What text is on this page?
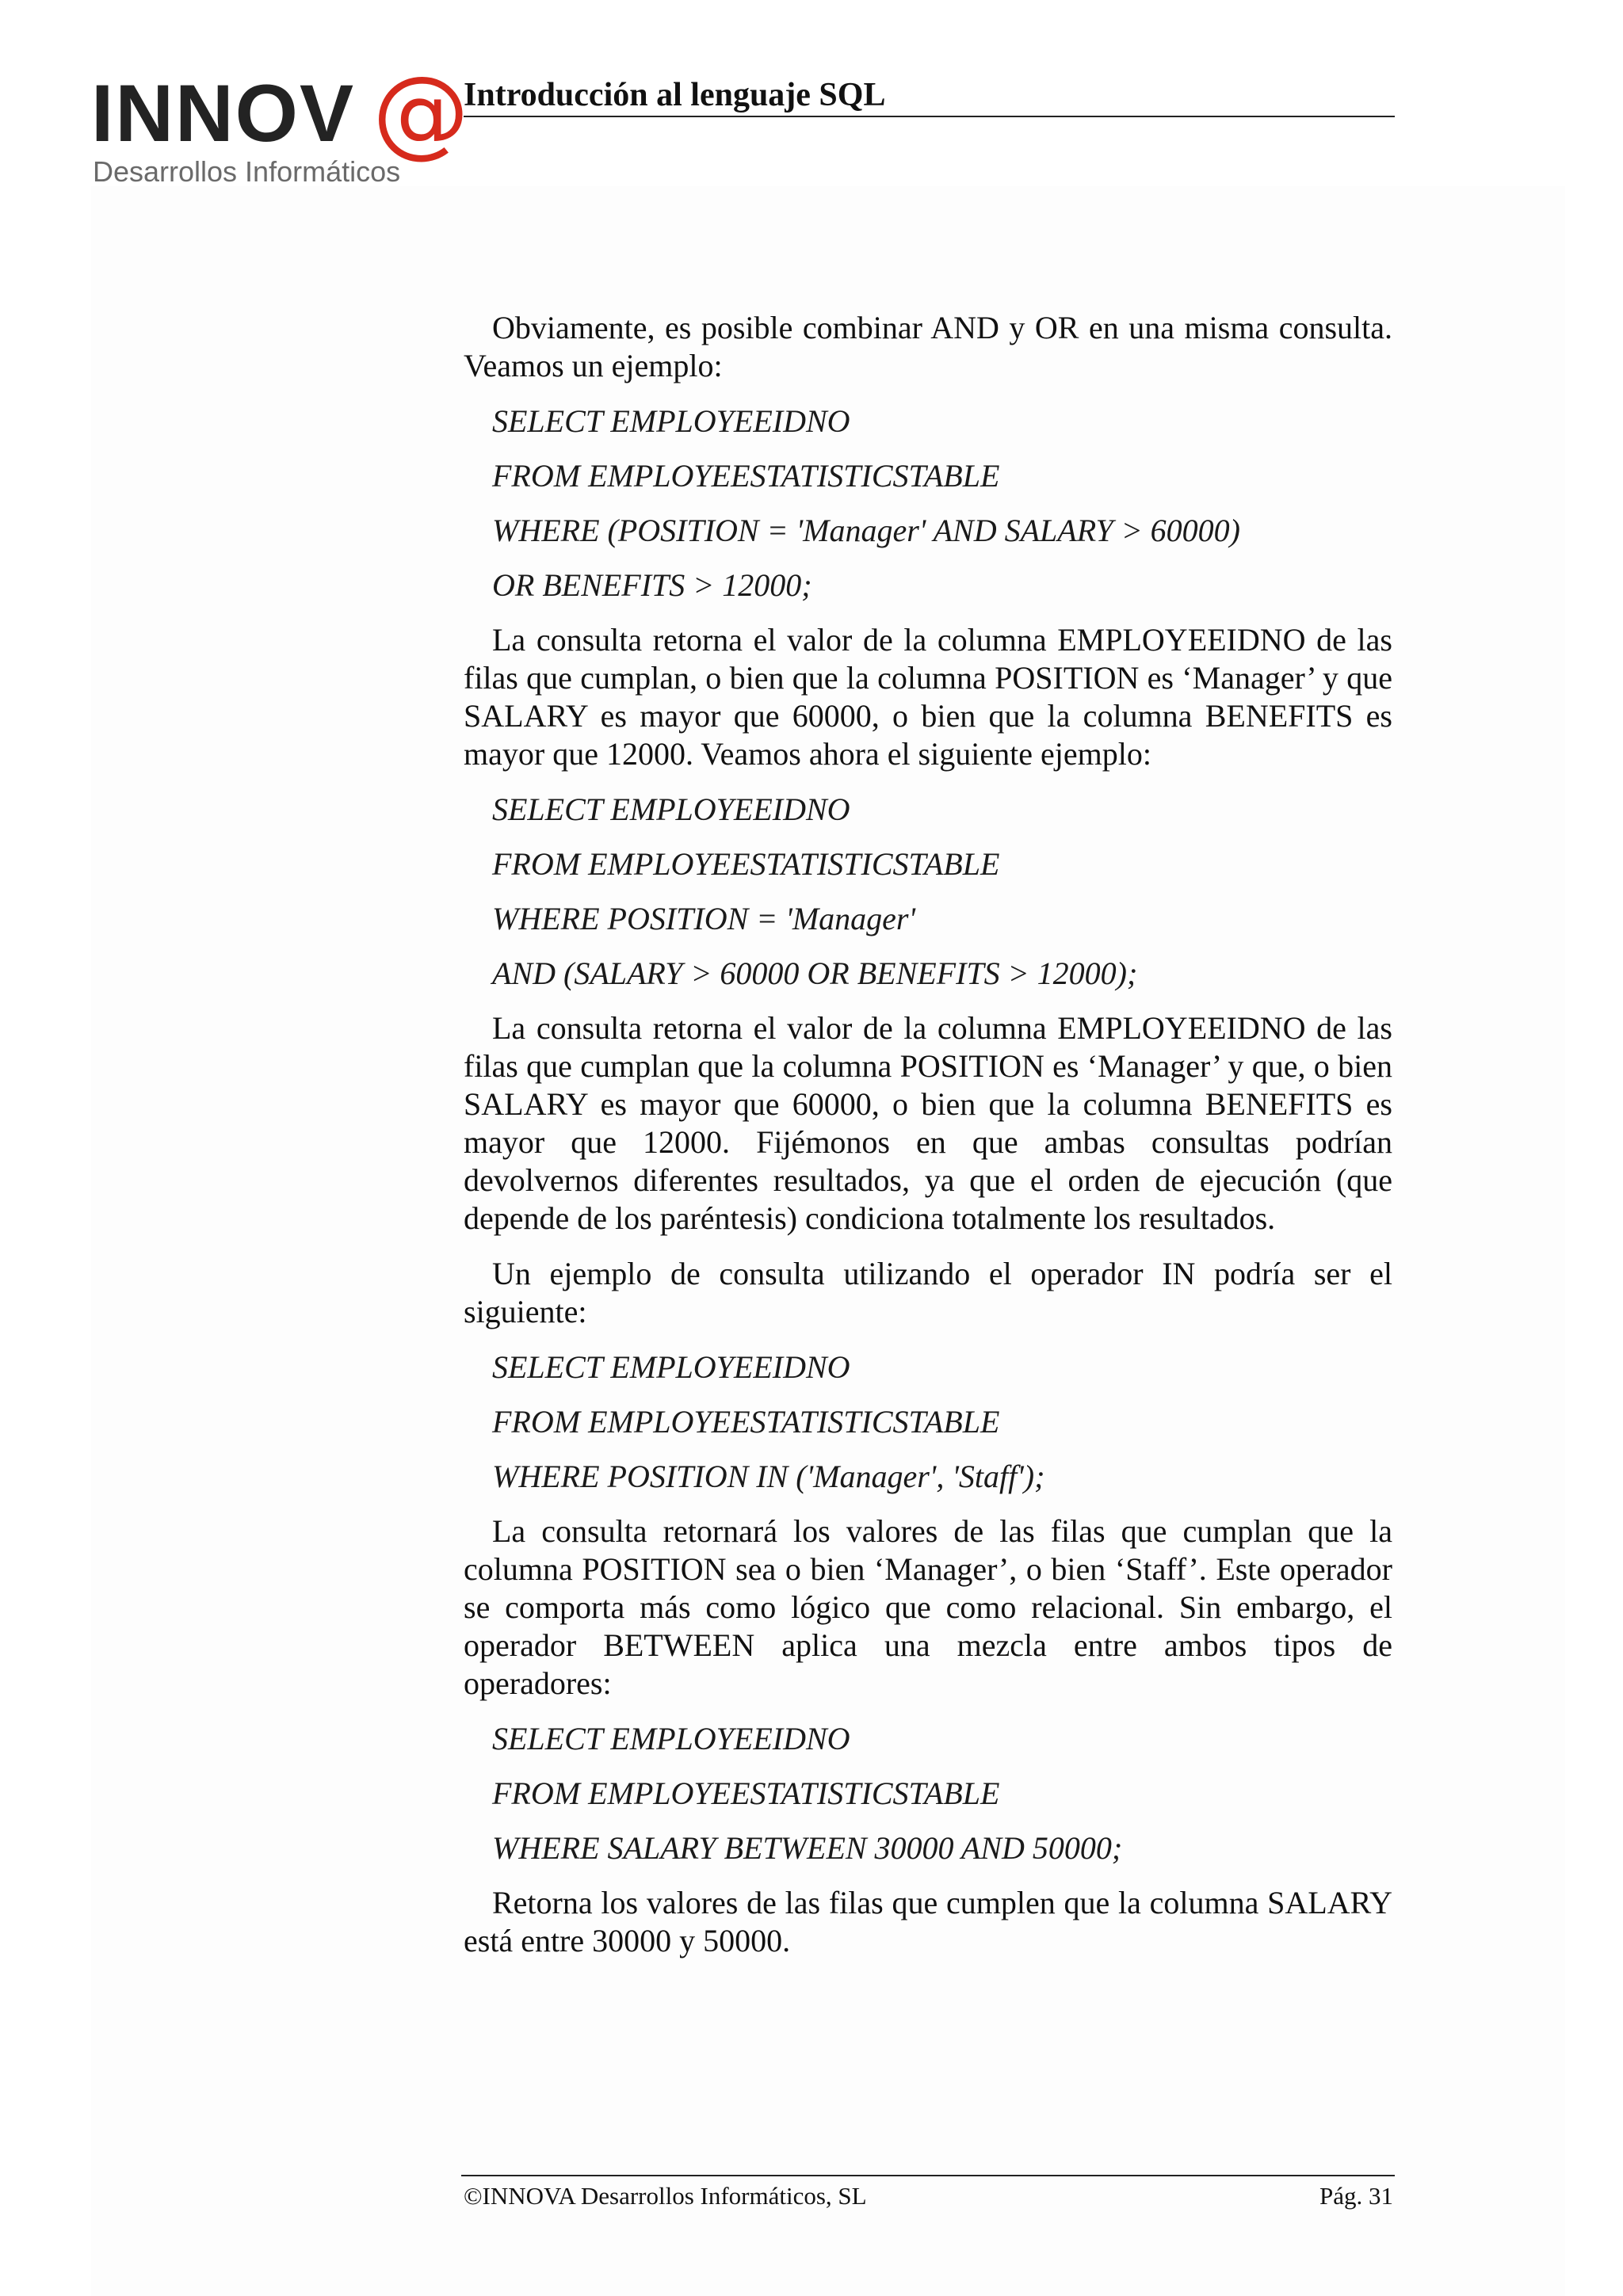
INNOV @
Desarrollos Informáticos
Introducción al lenguaje SQL
Obviamente, es posible combinar AND y OR en una misma consulta. Veamos un ejemplo:
SELECT EMPLOYEEIDNO
FROM EMPLOYEESTATISTICSTABLE
WHERE (POSITION = 'Manager' AND SALARY > 60000)
OR BENEFITS > 12000;
La consulta retorna el valor de la columna EMPLOYEEIDNO de las filas que cumplan, o bien que la columna POSITION es ‘Manager’ y que SALARY es mayor que 60000, o bien que la columna BENEFITS es mayor que 12000. Veamos ahora el siguiente ejemplo:
SELECT EMPLOYEEIDNO
FROM EMPLOYEESTATISTICSTABLE
WHERE POSITION = 'Manager'
AND (SALARY > 60000 OR BENEFITS > 12000);
La consulta retorna el valor de la columna EMPLOYEEIDNO de las filas que cumplan que la columna POSITION es ‘Manager’ y que, o bien SALARY es mayor que 60000, o bien que la columna BENEFITS es mayor que 12000. Fijémonos en que ambas consultas podrían devolvernos diferentes resultados, ya que el orden de ejecución (que depende de los paréntesis) condiciona totalmente los resultados.
Un ejemplo de consulta utilizando el operador IN podría ser el siguiente:
SELECT EMPLOYEEIDNO
FROM EMPLOYEESTATISTICSTABLE
WHERE POSITION IN ('Manager', 'Staff');
La consulta retornará los valores de las filas que cumplan que la columna POSITION sea o bien ‘Manager’, o bien ‘Staff’. Este operador se comporta más como lógico que como relacional. Sin embargo, el operador BETWEEN aplica una mezcla entre ambos tipos de operadores:
SELECT EMPLOYEEIDNO
FROM EMPLOYEESTATISTICSTABLE
WHERE SALARY BETWEEN 30000 AND 50000;
Retorna los valores de las filas que cumplen que la columna SALARY está entre 30000 y 50000.
©INNOVA Desarrollos Informáticos, SL	Pág. 31
